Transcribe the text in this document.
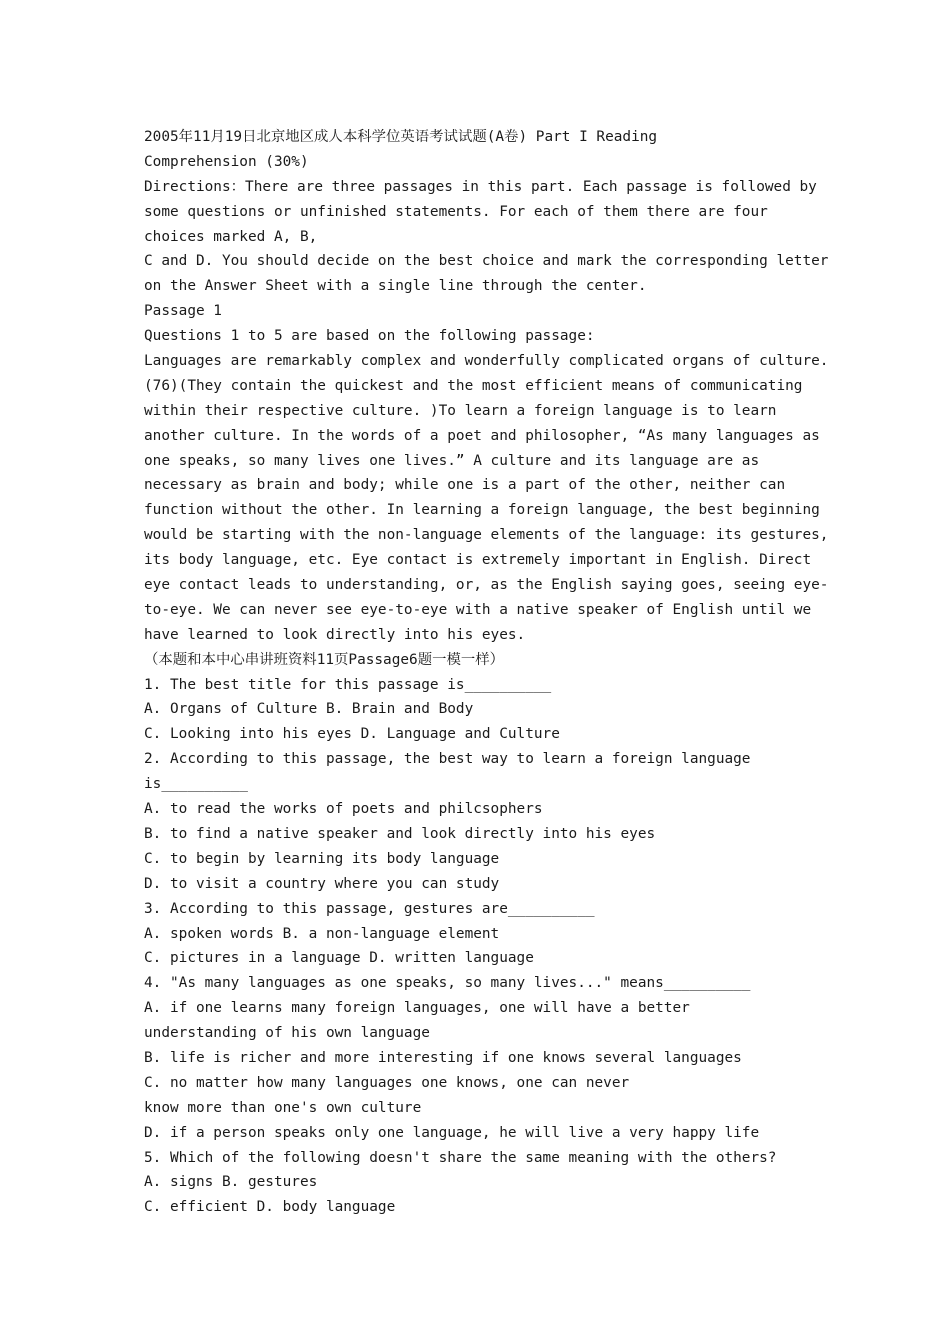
2005年11月19日北京地区成人本科学位英语考试试题(A卷) Part I Reading
Comprehension (30%)
Directions：There are three passages in this part. Each passage is followed by
some questions or unfinished statements. For each of them there are four
choices marked A, B,
C and D. You should decide on the best choice and mark the corresponding letter
on the Answer Sheet with a single line through the center.
Passage 1
Questions 1 to 5 are based on the following passage:
Languages are remarkably complex and wonderfully complicated organs of culture.
(76)(They contain the quickest and the most efficient means of communicating
within their respective culture. )To learn a foreign language is to learn
another culture. In the words of a poet and philosopher, “As many languages as
one speaks, so many lives one lives.” A culture and its language are as
necessary as brain and body; while one is a part of the other, neither can
function without the other. In learning a foreign language, the best beginning
would be starting with the non-language elements of the language: its gestures,
its body language, etc. Eye contact is extremely important in English. Direct
eye contact leads to understanding, or, as the English saying goes, seeing eye-
to-eye. We can never see eye-to-eye with a native speaker of English until we
have learned to look directly into his eyes.
（本题和本中心串讲班资料11页Passage6题一模一样）
1. The best title for this passage is__________
A. Organs of Culture B. Brain and Body
C. Looking into his eyes D. Language and Culture
2. According to this passage, the best way to learn a foreign language
is__________
A. to read the works of poets and philcsophers
B. to find a native speaker and look directly into his eyes
C. to begin by learning its body language
D. to visit a country where you can study
3. According to this passage, gestures are__________
A. spoken words B. a non-language element
C. pictures in a language D. written language
4. "As many languages as one speaks, so many lives..." means__________
A. if one learns many foreign languages, one will have a better
understanding of his own language
B. life is richer and more interesting if one knows several languages
C. no matter how many languages one knows, one can never
know more than one's own culture
D. if a person speaks only one language, he will live a very happy life
5. Which of the following doesn't share the same meaning with the others?
A. signs B. gestures
C. efficient D. body language
